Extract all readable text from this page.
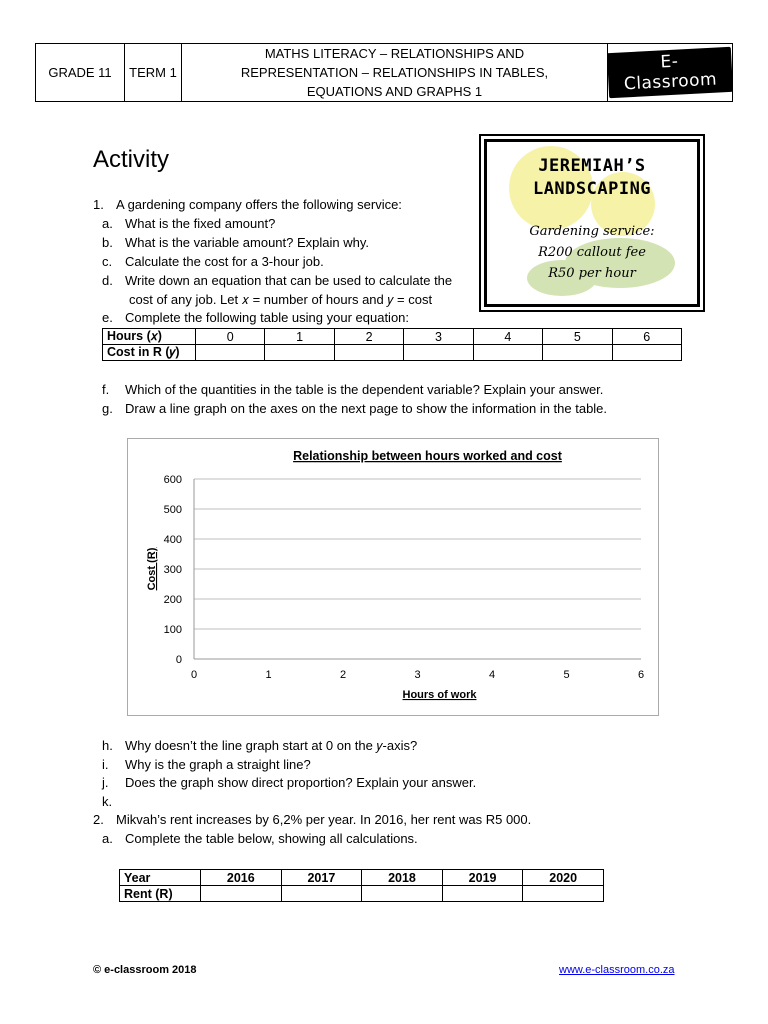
GRADE 11 TERM 1
MATHS LITERACY – RELATIONSHIPS AND
REPRESENTATION – RELATIONSHIPS IN TABLES,
EQUATIONS AND GRAPHS 1
E-Classroom
Activity
1. A gardening company offers the following service:
a. What is the fixed amount?
b. What is the variable amount? Explain why.
c. Calculate the cost for a 3-hour job.
d. Write down an equation that can be used to calculate the
cost of any job. Let 𝑥 = number of hours and 𝑦 = cost
e. Complete the following table using your equation:
JEREMIAH’S
LANDSCAPING
Gardening service:
R200 callout fee
R50 per hour
Hours (𝑥)	0	1	2	3	4	5	6
Cost in R (𝑦)							
f. Which of the quantities in the table is the dependent variable? Explain your answer.
g. Draw a line graph on the axes on the next page to show the information in the table.
Relationship between hours worked and cost
0
100
200
300
400
500
600
0	1	2	3	4	5	6
Hours of work
Cost (R)
h. Why doesn’t the line graph start at 0 on the 𝑦-axis?
i. Why is the graph a straight line?
j. Does the graph show direct proportion? Explain your answer.
k.
2. Mikvah’s rent increases by 6,2% per year. In 2016, her rent was R5 000.
a. Complete the table below, showing all calculations.
Year	2016	2017	2018	2019	2020
Rent (R)					
© e-classroom 2018	www.e-classroom.co.za
